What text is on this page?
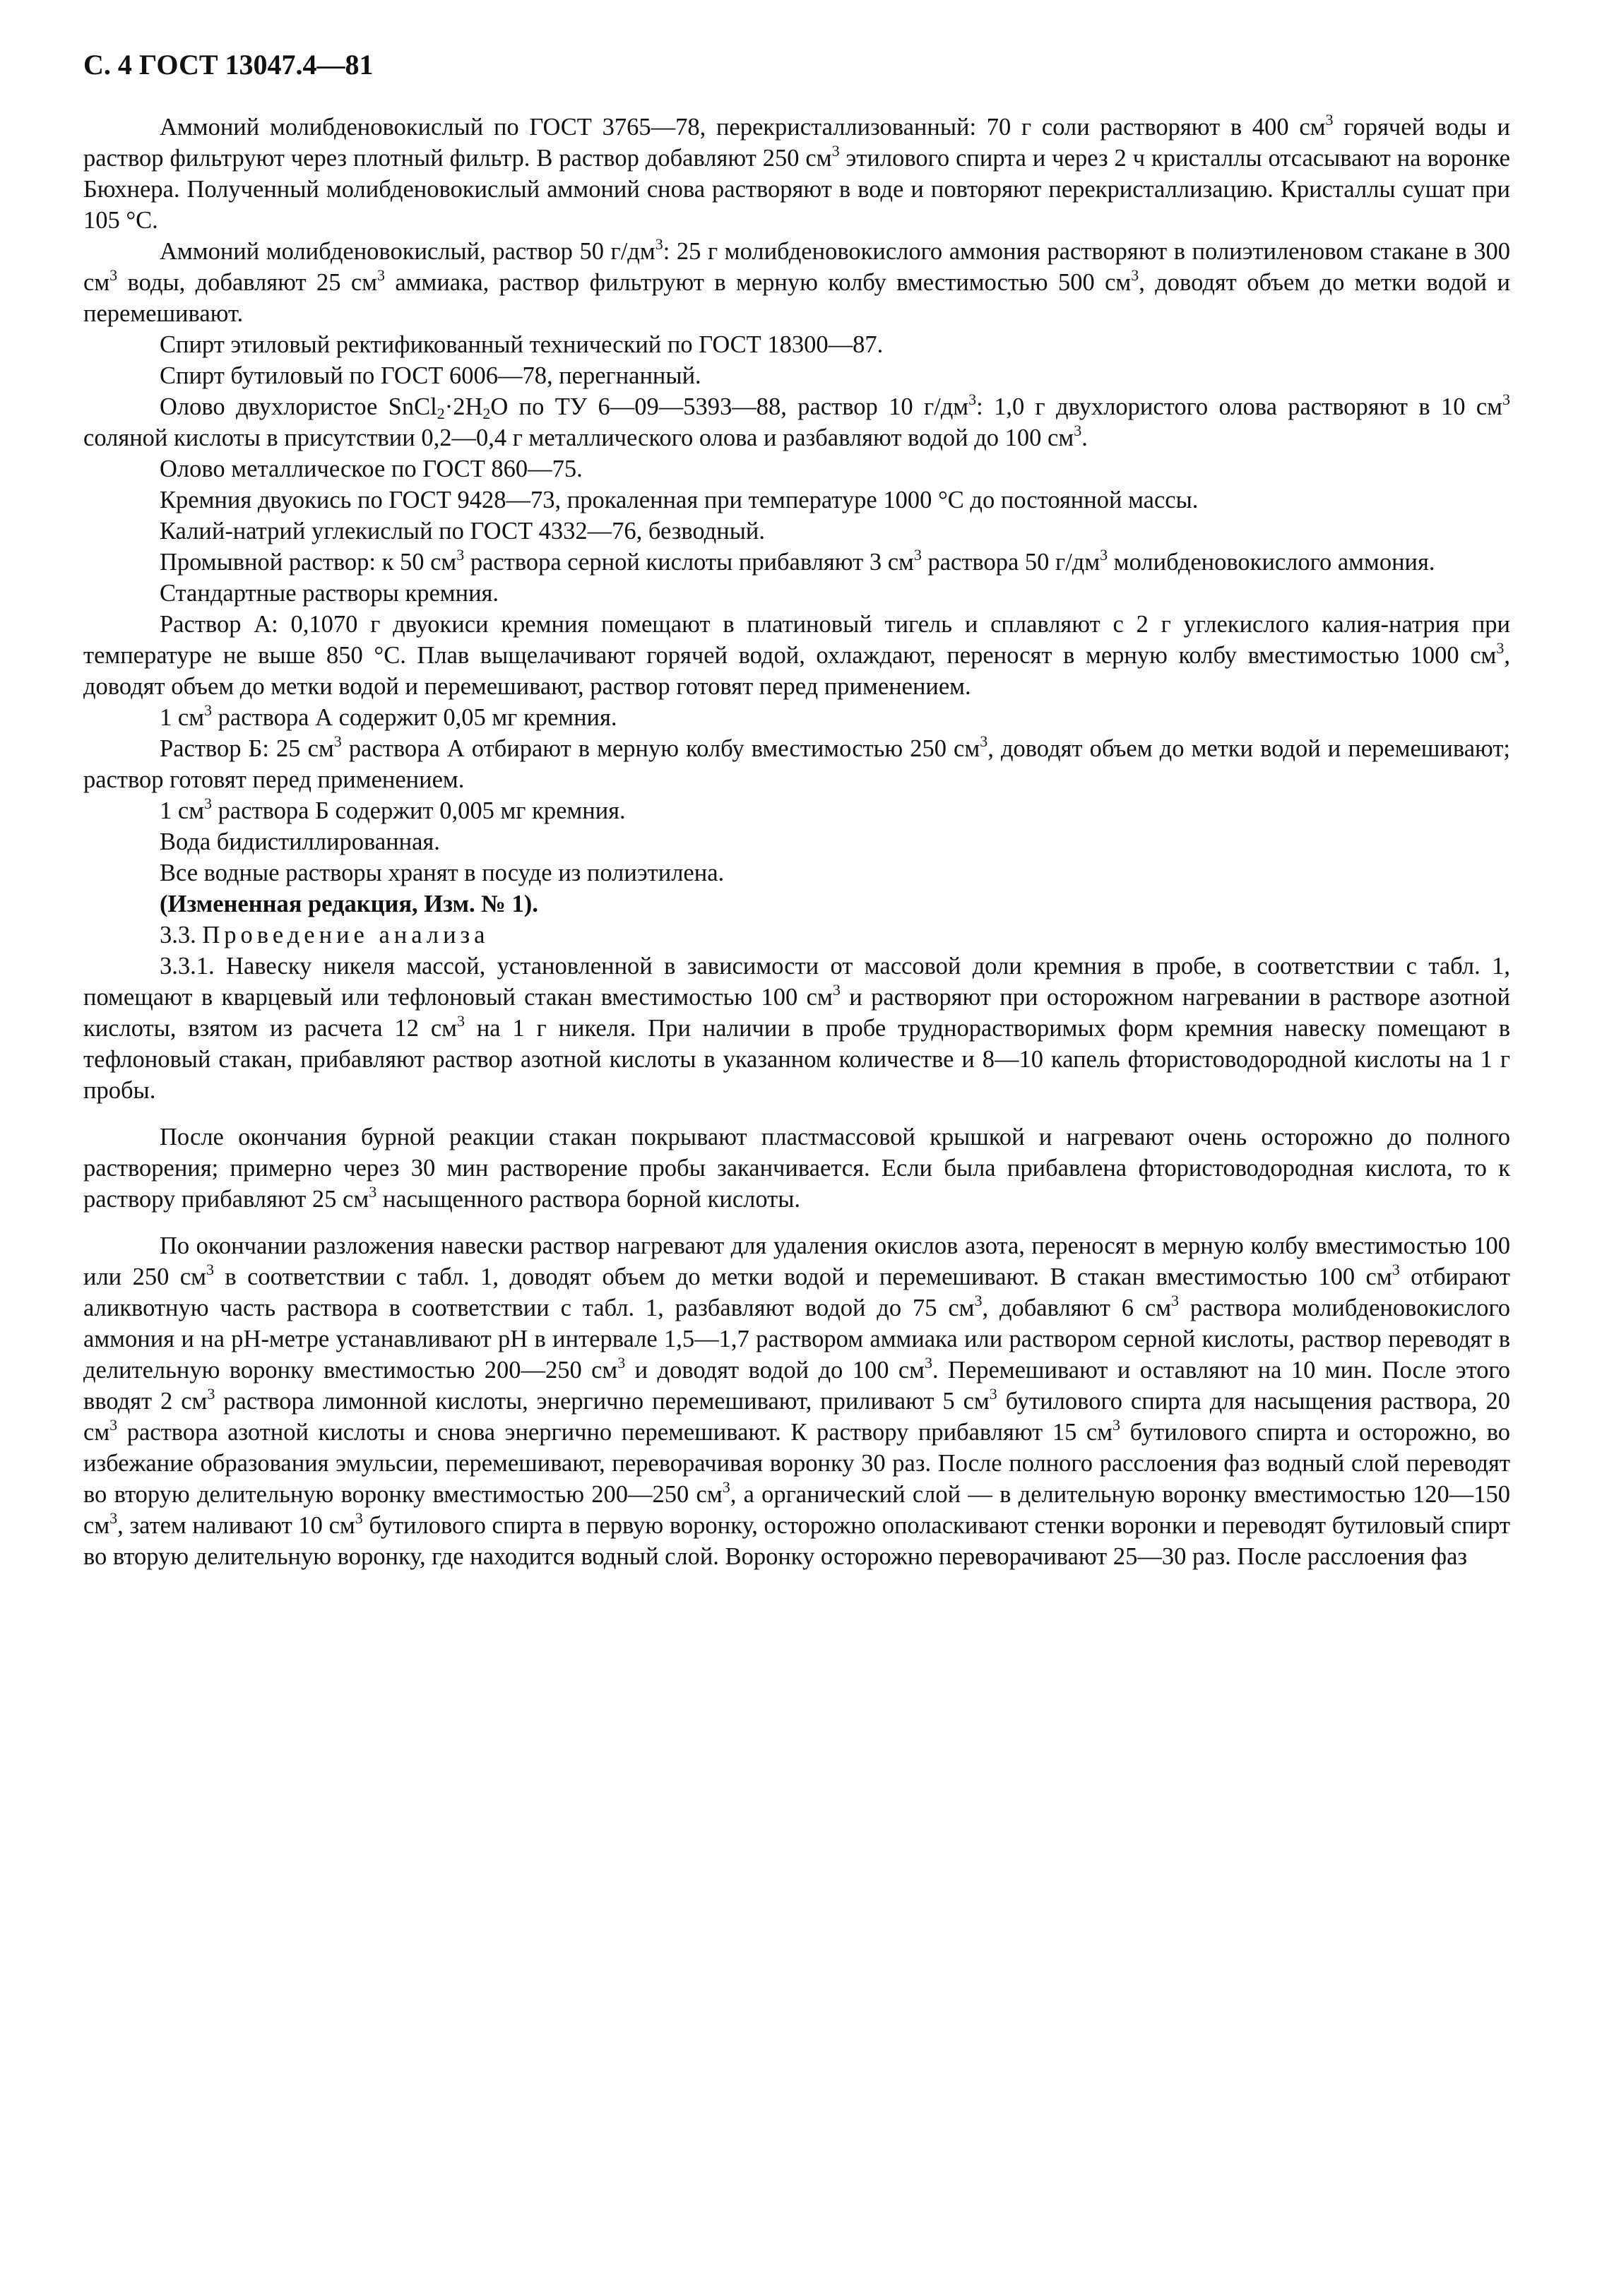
С. 4 ГОСТ 13047.4—81

Аммоний молибденовокислый по ГОСТ 3765—78, перекристаллизованный: 70 г соли растворяют в 400 $см^3$ горячей воды и раствор фильтруют через плотный фильтр. В раствор добавляют 250 $см^3$ этилового спирта и через 2 ч кристаллы отсасывают на воронке Бюхнера. Полученный молибденовокислый аммоний снова растворяют в воде и повторяют перекристаллизацию. Кристаллы сушат при 105 °С.

Аммоний молибденовокислый, раствор 50 $г/дм^3$: 25 г молибденовокислого аммония растворяют в полиэтиленовом стакане в 300 $см^3$ воды, добавляют 25 $см^3$ аммиака, раствор фильтруют в мерную колбу вместимостью 500 $см^3$, доводят объем до метки водой и перемешивают.

Спирт этиловый ректификованный технический по ГОСТ 18300—87.

Спирт бутиловый по ГОСТ 6006—78, перегнанный.

Олово двухлористое $SnCl_2\cdot 2H_2O$ по ТУ 6—09—5393—88, раствор 10 $г/дм^3$: 1,0 г двухлористого олова растворяют в 10 $см^3$ соляной кислоты в присутствии 0,2—0,4 г металлического олова и разбавляют водой до 100 $см^3$.

Олово металлическое по ГОСТ 860—75.

Кремния двуокись по ГОСТ 9428—73, прокаленная при температуре 1000 °С до постоянной массы.

Калий-натрий углекислый по ГОСТ 4332—76, безводный.

Промывной раствор: к 50 $см^3$ раствора серной кислоты прибавляют 3 $см^3$ раствора 50 $г/дм^3$ молибденовокислого аммония.

Стандартные растворы кремния.

Раствор А: 0,1070 г двуокиси кремния помещают в платиновый тигель и сплавляют с 2 г углекислого калия-натрия при температуре не выше 850 °С. Плав выщелачивают горячей водой, охлаждают, переносят в мерную колбу вместимостью 1000 $см^3$, доводят объем до метки водой и перемешивают, раствор готовят перед применением.

1 $см^3$ раствора А содержит 0,05 мг кремния.

Раствор Б: 25 $см^3$ раствора А отбирают в мерную колбу вместимостью 250 $см^3$, доводят объем до метки водой и перемешивают; раствор готовят перед применением.

1 $см^3$ раствора Б содержит 0,005 мг кремния.

Вода бидистиллированная.

Все водные растворы хранят в посуде из полиэтилена.

(Измененная редакция, Изм. № 1).

3.3. Проведение анализа

3.3.1. Навеску никеля массой, установленной в зависимости от массовой доли кремния в пробе, в соответствии с табл. 1, помещают в кварцевый или тефлоновый стакан вместимостью 100 $см^3$ и растворяют при осторожном нагревании в растворе азотной кислоты, взятом из расчета 12 $см^3$ на 1 г никеля. При наличии в пробе труднорастворимых форм кремния навеску помещают в тефлоновый стакан, прибавляют раствор азотной кислоты в указанном количестве и 8—10 капель фтористоводородной кислоты на 1 г пробы.

После окончания бурной реакции стакан покрывают пластмассовой крышкой и нагревают очень осторожно до полного растворения; примерно через 30 мин растворение пробы заканчивается. Если была прибавлена фтористоводородная кислота, то к раствору прибавляют 25 $см^3$ насыщенного раствора борной кислоты.

По окончании разложения навески раствор нагревают для удаления окислов азота, переносят в мерную колбу вместимостью 100 или 250 $см^3$ в соответствии с табл. 1, доводят объем до метки водой и перемешивают. В стакан вместимостью 100 $см^3$ отбирают аликвотную часть раствора в соответствии с табл. 1, разбавляют водой до 75 $см^3$, добавляют 6 $см^3$ раствора молибденовокислого аммония и на рН-метре устанавливают рН в интервале 1,5—1,7 раствором аммиака или раствором серной кислоты, раствор переводят в делительную воронку вместимостью 200—250 $см^3$ и доводят водой до 100 $см^3$. Перемешивают и оставляют на 10 мин. После этого вводят 2 $см^3$ раствора лимонной кислоты, энергично перемешивают, приливают 5 $см^3$ бутилового спирта для насыщения раствора, 20 $см^3$ раствора азотной кислоты и снова энергично перемешивают. К раствору прибавляют 15 $см^3$ бутилового спирта и осторожно, во избежание образования эмульсии, перемешивают, переворачивая воронку 30 раз. После полного расслоения фаз водный слой переводят во вторую делительную воронку вместимостью 200—250 $см^3$, а органический слой — в делительную воронку вместимостью 120—150 $см^3$, затем наливают 10 $см^3$ бутилового спирта в первую воронку, осторожно ополаскивают стенки воронки и переводят бутиловый спирт во вторую делительную воронку, где находится водный слой. Воронку осторожно переворачивают 25—30 раз. После расслоения фаз
